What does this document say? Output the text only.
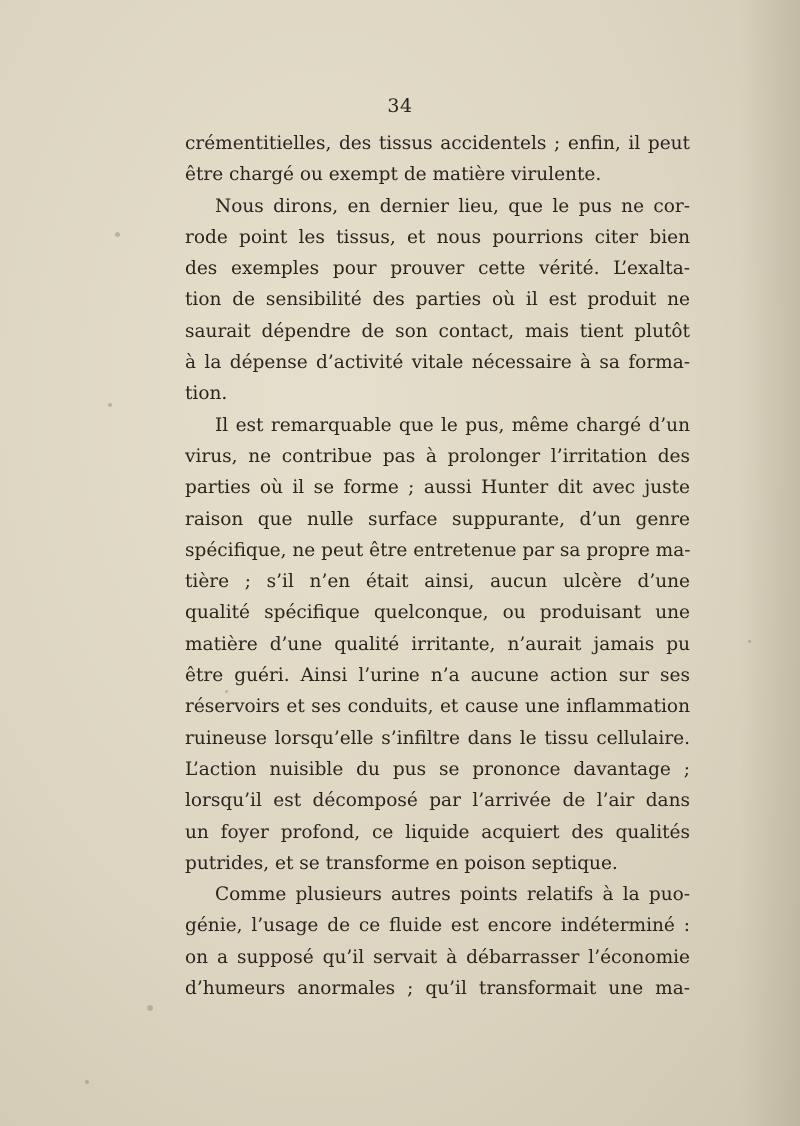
34
crémentitielles, des tissus accidentels ; enfin, il peut
être chargé ou exempt de matière virulente.
Nous dirons, en dernier lieu, que le pus ne cor-
rode point les tissus, et nous pourrions citer bien
des exemples pour prouver cette vérité. L’exalta-
tion de sensibilité des parties où il est produit ne
saurait dépendre de son contact, mais tient plutôt
à la dépense d’activité vitale nécessaire à sa forma-
tion.
Il est remarquable que le pus, même chargé d’un
virus, ne contribue pas à prolonger l’irritation des
parties où il se forme ; aussi Hunter dit avec juste
raison que nulle surface suppurante, d’un genre
spécifique, ne peut être entretenue par sa propre ma-
tière ; s’il n’en était ainsi, aucun ulcère d’une
qualité spécifique quelconque, ou produisant une
matière d’une qualité irritante, n’aurait jamais pu
être guéri. Ainsi l’urine n’a aucune action sur ses
réservoirs et ses conduits, et cause une inflammation
ruineuse lorsqu’elle s’infiltre dans le tissu cellulaire.
L’action nuisible du pus se prononce davantage ;
lorsqu’il est décomposé par l’arrivée de l’air dans
un foyer profond, ce liquide acquiert des qualités
putrides, et se transforme en poison septique.
Comme plusieurs autres points relatifs à la puo-
génie, l’usage de ce fluide est encore indéterminé :
on a supposé qu’il servait à débarrasser l’économie
d’humeurs anormales ; qu’il transformait une ma-
